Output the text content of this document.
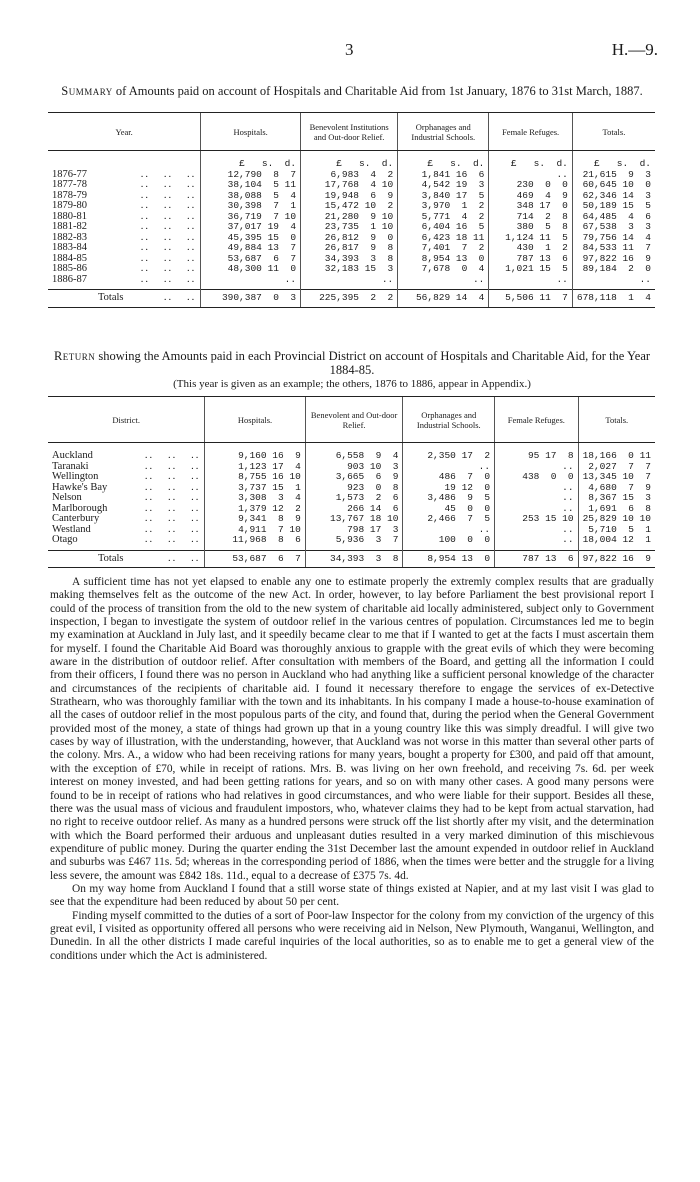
3	H.—9.
Summary of Amounts paid on account of Hospitals and Charitable Aid from 1st January, 1876 to 31st March, 1887.
Year.	Hospitals.	Benevolent Institutions and Out-door Relief.	Orphanages and Industrial Schools.	Female Refuges.	Totals.
	£   s.  d.	£   s.  d.	£   s.  d.	£   s.  d.	£   s.  d.
1876-77 ..   ..   ..	12,790  8  7	6,983  4  2	1,841 16  6	..	21,615  9  3
1877-78 ..   ..   ..	38,104  5 11	17,768  4 10	4,542 19  3	230  0  0	60,645 10  0
1878-79 ..   ..   ..	38,088  5  4	19,948  6  9	3,840 17  5	469  4  9	62,346 14  3
1879-80 ..   ..   ..	30,398  7  1	15,472 10  2	3,970  1  2	348 17  0	50,189 15  5
1880-81 ..   ..   ..	36,719  7 10	21,280  9 10	5,771  4  2	714  2  8	64,485  4  6
1881-82 ..   ..   ..	37,017 19  4	23,735  1 10	6,404 16  5	380  5  8	67,538  3  3
1882-83 ..   ..   ..	45,395 15  0	26,812  9  0	6,423 18 11	1,124 11  5	79,756 14  4
1883-84 ..   ..   ..	49,884 13  7	26,817  9  8	7,401  7  2	430  1  2	84,533 11  7
1884-85 ..   ..   ..	53,687  6  7	34,393  3  8	8,954 13  0	787 13  6	97,822 16  9
1885-86 ..   ..   ..	48,300 11  0	32,183 15  3	7,678  0  4	1,021 15  5	89,184  2  0
1886-87 ..   ..   ..	..	..	..	..	..
Totals ..   ..	390,387  0  3	225,395  2  2	56,829 14  4	5,506 11  7	678,118  1  4
Return showing the Amounts paid in each Provincial District on account of Hospitals and Charitable Aid, for the Year 1884-85.
(This year is given as an example; the others, 1876 to 1886, appear in Appendix.)
District.	Hospitals.	Benevolent and Out-door Relief.	Orphanages and Industrial Schools.	Female Refuges.	Totals.
Auckland ..   ..   ..	9,160 16  9	6,558  9  4	2,350 17  2	95 17  8	18,166  0 11
Taranaki ..   ..   ..	1,123 17  4	903 10  3	..	..	2,027  7  7
Wellington ..   ..   ..	8,755 16 10	3,665  6  9	486  7  0	438  0  0	13,345 10  7
Hawke's Bay ..   ..   ..	3,737 15  1	923  0  8	19 12  0	..	4,680  7  9
Nelson ..   ..   ..	3,308  3  4	1,573  2  6	3,486  9  5	..	8,367 15  3
Marlborough ..   ..   ..	1,379 12  2	266 14  6	45  0  0	..	1,691  6  8
Canterbury ..   ..   ..	9,341  8  9	13,767 18 10	2,466  7  5	253 15 10	25,829 10 10
Westland ..   ..   ..	4,911  7 10	798 17  3	..	..	5,710  5  1
Otago ..   ..   ..	11,968  8  6	5,936  3  7	100  0  0	..	18,004 12  1
Totals ..   ..	53,687  6  7	34,393  3  8	8,954 13  0	787 13  6	97,822 16  9

A sufficient time has not yet elapsed to enable any one to estimate properly the extremly complex results that are gradually making themselves felt as the outcome of the new Act. In order, however, to lay before Parliament the best provisional report I could of the process of transition from the old to the new system of charitable aid locally administered, subject only to Government inspection, I began to investigate the system of outdoor relief in the various centres of population. Circumstances led me to begin my examination at Auckland in July last, and it speedily became clear to me that if I wanted to get at the facts I must ascertain them for myself. I found the Charitable Aid Board was thoroughly anxious to grapple with the great evils of which they were becoming aware in the distribution of outdoor relief. After consultation with members of the Board, and getting all the information I could from their officers, I found there was no person in Auckland who had anything like a sufficient personal knowledge of the character and circumstances of the recipients of charitable aid. I found it necessary therefore to engage the services of ex-Detective Strathearn, who was thoroughly familiar with the town and its inhabitants. In his company I made a house-to-house examination of all the cases of outdoor relief in the most populous parts of the city, and found that, during the period when the General Government provided most of the money, a state of things had grown up that in a young country like this was simply dreadful. I will give two cases by way of illustration, with the understanding, however, that Auckland was not worse in this matter than several other parts of the colony. Mrs. A., a widow who had been receiving rations for many years, bought a property for £300, and paid off that amount, with the exception of £70, while in receipt of rations. Mrs. B. was living on her own freehold, and receiving 7s. 6d. per week interest on money invested, and had been getting rations for years, and so on with many other cases. A good many persons were found to be in receipt of rations who had relatives in good circumstances, and who were liable for their support. Besides all these, there was the usual mass of vicious and fraudulent impostors, who, whatever claims they had to be kept from actual starvation, had no right to receive outdoor relief. As many as a hundred persons were struck off the list shortly after my visit, and the determination with which the Board performed their arduous and unpleasant duties resulted in a very marked diminution of this mischievous expenditure of public money. During the quarter ending the 31st December last the amount expended in outdoor relief in Auckland and suburbs was £467 11s. 5d; whereas in the corresponding period of 1886, when the times were better and the struggle for a living less severe, the amount was £842 18s. 11d., equal to a decrease of £375 7s. 4d.

On my way home from Auckland I found that a still worse state of things existed at Napier, and at my last visit I was glad to see that the expenditure had been reduced by about 50 per cent.

Finding myself committed to the duties of a sort of Poor-law Inspector for the colony from my conviction of the urgency of this great evil, I visited as opportunity offered all persons who were receiving aid in Nelson, New Plymouth, Wanganui, Wellington, and Dunedin. In all the other districts I made careful inquiries of the local authorities, so as to enable me to get a general view of the conditions under which the Act is administered.
